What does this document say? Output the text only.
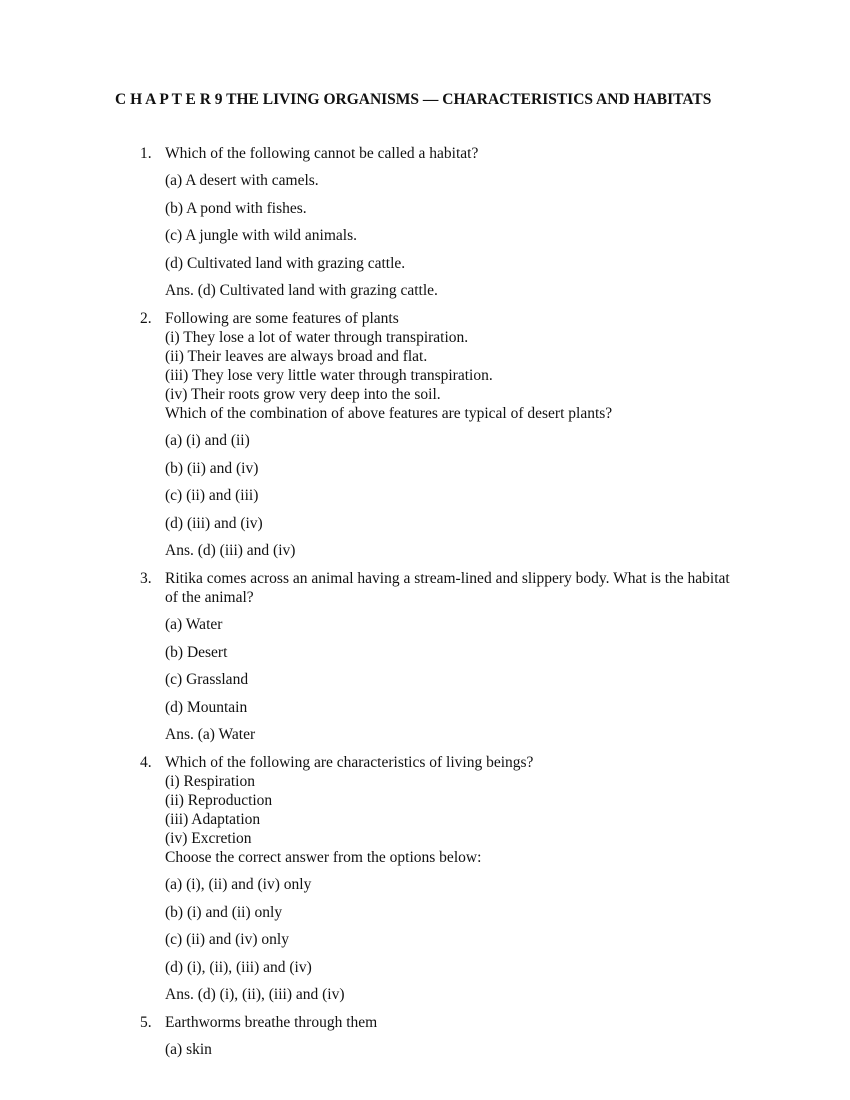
C H A P T E R 9 THE LIVING ORGANISMS — CHARACTERISTICS AND HABITATS
1. Which of the following cannot be called a habitat?
(a) A desert with camels.
(b) A pond with fishes.
(c) A jungle with wild animals.
(d) Cultivated land with grazing cattle.
Ans. (d) Cultivated land with grazing cattle.
2. Following are some features of plants
(i) They lose a lot of water through transpiration.
(ii) Their leaves are always broad and flat.
(iii) They lose very little water through transpiration.
(iv) Their roots grow very deep into the soil.
Which of the combination of above features are typical of desert plants?
(a) (i) and (ii)
(b) (ii) and (iv)
(c) (ii) and (iii)
(d) (iii) and (iv)
Ans. (d) (iii) and (iv)
3. Ritika comes across an animal having a stream-lined and slippery body. What is the habitat of the animal?
(a) Water
(b) Desert
(c) Grassland
(d) Mountain
Ans. (a) Water
4. Which of the following are characteristics of living beings?
(i) Respiration
(ii) Reproduction
(iii) Adaptation
(iv) Excretion
Choose the correct answer from the options below:
(a) (i), (ii) and (iv) only
(b) (i) and (ii) only
(c) (ii) and (iv) only
(d) (i), (ii), (iii) and (iv)
Ans. (d) (i), (ii), (iii) and (iv)
5. Earthworms breathe through them
(a) skin
